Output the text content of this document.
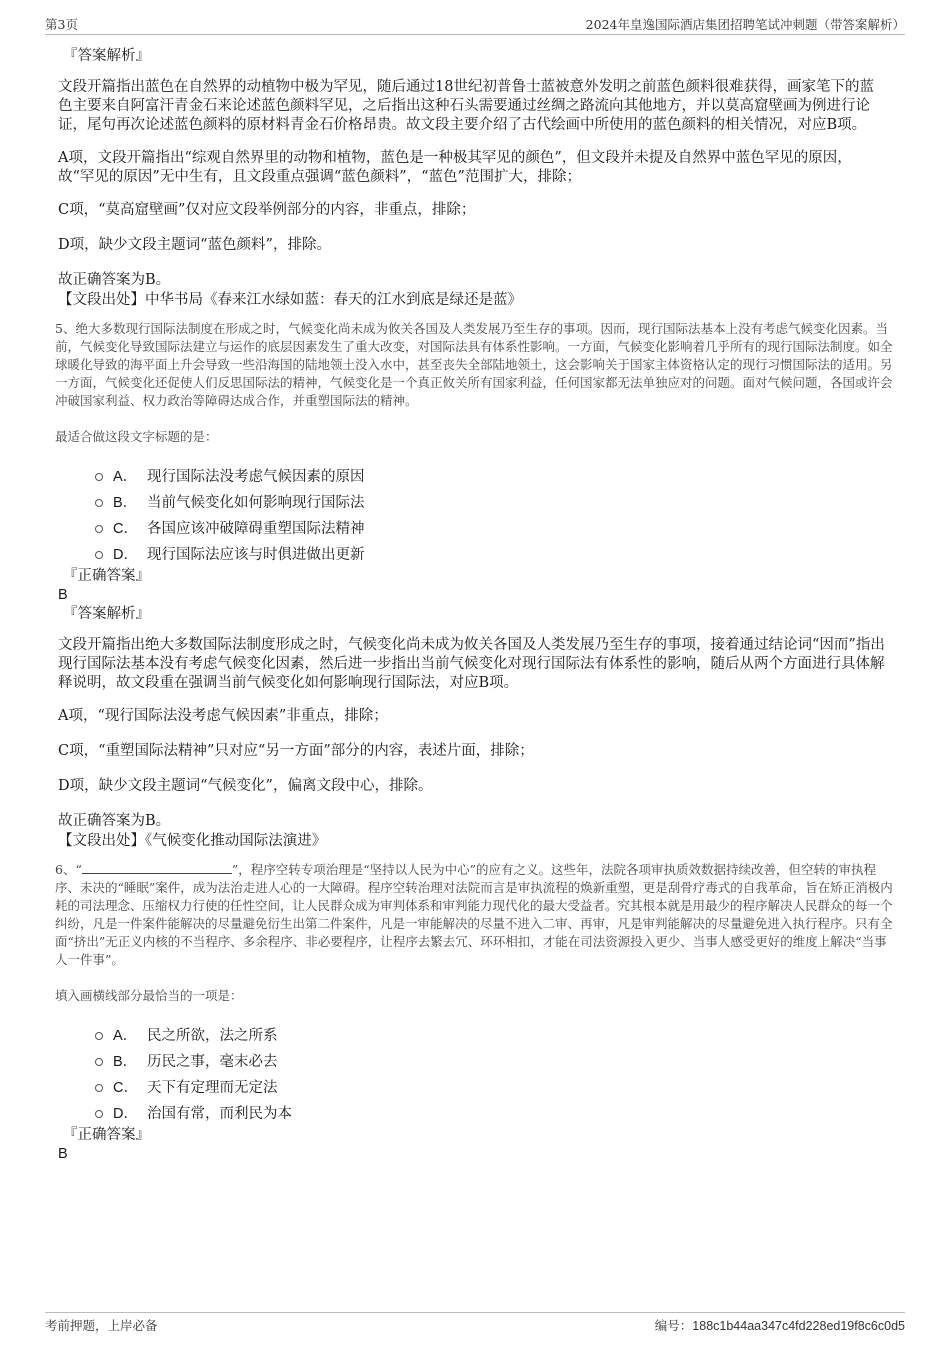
第3页	2024年皇逸国际酒店集团招聘笔试冲刺题（带答案解析）
『答案解析』
文段开篇指出蓝色在自然界的动植物中极为罕见，随后通过18世纪初普鲁士蓝被意外发明之前蓝色颜料很难获得，画家笔下的蓝色主要来自阿富汗青金石来论述蓝色颜料罕见，之后指出这种石头需要通过丝绸之路流向其他地方，并以莫高窟壁画为例进行论证，尾句再次论述蓝色颜料的原材料青金石价格昂贵。故文段主要介绍了古代绘画中所使用的蓝色颜料的相关情况，对应B项。
A项，文段开篇指出“综观自然界里的动物和植物，蓝色是一种极其罕见的颜色”，但文段并未提及自然界中蓝色罕见的原因，故“罕见的原因”无中生有，且文段重点强调“蓝色颜料”，“蓝色”范围扩大，排除；
C项，“莫高窟壁画”仅对应文段举例部分的内容，非重点，排除；
D项，缺少文段主题词“蓝色颜料”，排除。
故正确答案为B。
【文段出处】中华书局《春来江水绿如蓝：春天的江水到底是绿还是蓝》
5、绝大多数现行国际法制度在形成之时，气候变化尚未成为攸关各国及人类发展乃至生存的事项。因而，现行国际法基本上没有考虑气候变化因素。当前，气候变化导致国际法建立与运作的底层因素发生了重大改变，对国际法具有体系性影响。一方面，气候变化影响着几乎所有的现行国际法制度。如全球暖化导致的海平面上升会导致一些沿海国的陆地领土没入水中，甚至丧失全部陆地领土，这会影响关于国家主体资格认定的现行习惯国际法的适用。另一方面，气候变化还促使人们反思国际法的精神，气候变化是一个真正攸关所有国家利益，任何国家都无法单独应对的问题。面对气候问题，各国或许会冲破国家利益、权力政治等障碍达成合作，并重塑国际法的精神。
最适合做这段文字标题的是：
A． 现行国际法没考虑气候因素的原因
B． 当前气候变化如何影响现行国际法
C． 各国应该冲破障碍重塑国际法精神
D． 现行国际法应该与时俱进做出更新
『正确答案』
B
『答案解析』
文段开篇指出绝大多数国际法制度形成之时，气候变化尚未成为攸关各国及人类发展乃至生存的事项，接着通过结论词“因而”指出现行国际法基本没有考虑气候变化因素，然后进一步指出当前气候变化对现行国际法有体系性的影响，随后从两个方面进行具体解释说明，故文段重在强调当前气候变化如何影响现行国际法，对应B项。
A项，“现行国际法没考虑气候因素”非重点，排除；
C项，“重塑国际法精神”只对应“另一方面”部分的内容，表述片面，排除；
D项，缺少文段主题词“气候变化”，偏离文段中心，排除。
故正确答案为B。
【文段出处】《气候变化推动国际法演进》
6、“	”，程序空转专项治理是“坚持以人民为中心”的应有之义。这些年，法院各项审执质效数据持续改善，但空转的审执程序、未决的“睡眠”案件，成为法治走进人心的一大障碍。程序空转治理对法院而言是审执流程的焕新重塑，更是刮骨疗毒式的自我革命，旨在矫正消极内耗的司法理念、压缩权力行使的任性空间，让人民群众成为审判体系和审判能力现代化的最大受益者。究其根本就是用最少的程序解决人民群众的每一个纠纷，凡是一件案件能解决的尽量避免衍生出第二件案件，凡是一审能解决的尽量不进入二审、再审，凡是审判能解决的尽量避免进入执行程序。只有全面“挤出”无正义内核的不当程序、多余程序、非必要程序，让程序去繁去冗、环环相扣，才能在司法资源投入更少、当事人感受更好的维度上解决“当事人一件事”。
填入画横线部分最恰当的一项是：
A． 民之所欲，法之所系
B． 历民之事，毫末必去
C． 天下有定理而无定法
D． 治国有常，而利民为本
『正确答案』
B
考前押题，上岸必备	编号：188c1b44aa347c4fd228ed19f8c6c0d5
